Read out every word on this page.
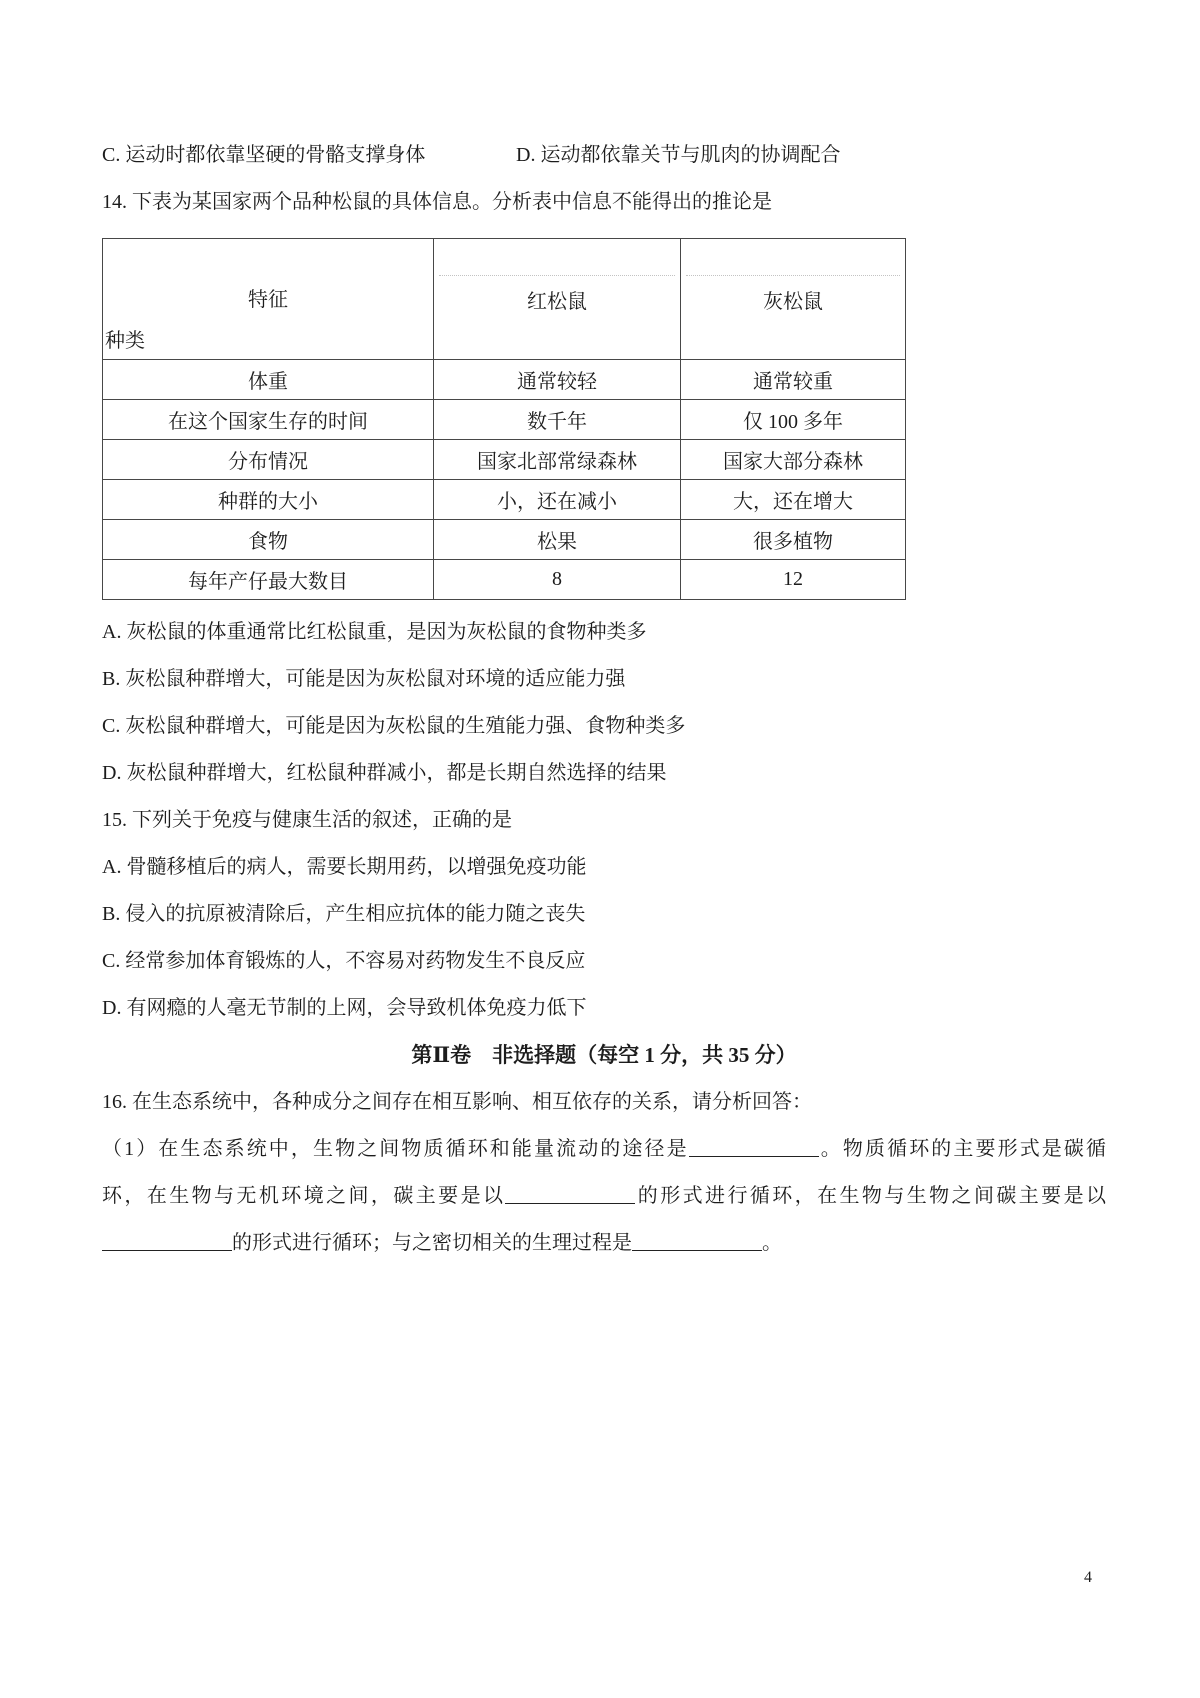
C. 运动时都依靠坚硬的骨骼支撑身体	D. 运动都依靠关节与肌肉的协调配合
14. 下表为某国家两个品种松鼠的具体信息。分析表中信息不能得出的推论是
特征
种类	红松鼠	灰松鼠
体重	通常较轻	通常较重
在这个国家生存的时间	数千年	仅 100 多年
分布情况	国家北部常绿森林	国家大部分森林
种群的大小	小，还在减小	大，还在增大
食物	松果	很多植物
每年产仔最大数目	8	12
A. 灰松鼠的体重通常比红松鼠重，是因为灰松鼠的食物种类多
B. 灰松鼠种群增大，可能是因为灰松鼠对环境的适应能力强
C. 灰松鼠种群增大，可能是因为灰松鼠的生殖能力强、食物种类多
D. 灰松鼠种群增大，红松鼠种群减小，都是长期自然选择的结果
15. 下列关于免疫与健康生活的叙述，正确的是
A. 骨髓移植后的病人，需要长期用药，以增强免疫功能
B. 侵入的抗原被清除后，产生相应抗体的能力随之丧失
C. 经常参加体育锻炼的人，不容易对药物发生不良反应
D. 有网瘾的人毫无节制的上网，会导致机体免疫力低下
第Ⅱ卷　非选择题（每空 1 分，共 35 分）
16. 在生态系统中，各种成分之间存在相互影响、相互依存的关系，请分析回答：
（1）在生态系统中，生物之间物质循环和能量流动的途径是	。物质循环的主要形式是碳循
环，在生物与无机环境之间，碳主要是以	的形式进行循环，在生物与生物之间碳主要是以
的形式进行循环；与之密切相关的生理过程是	。
4
